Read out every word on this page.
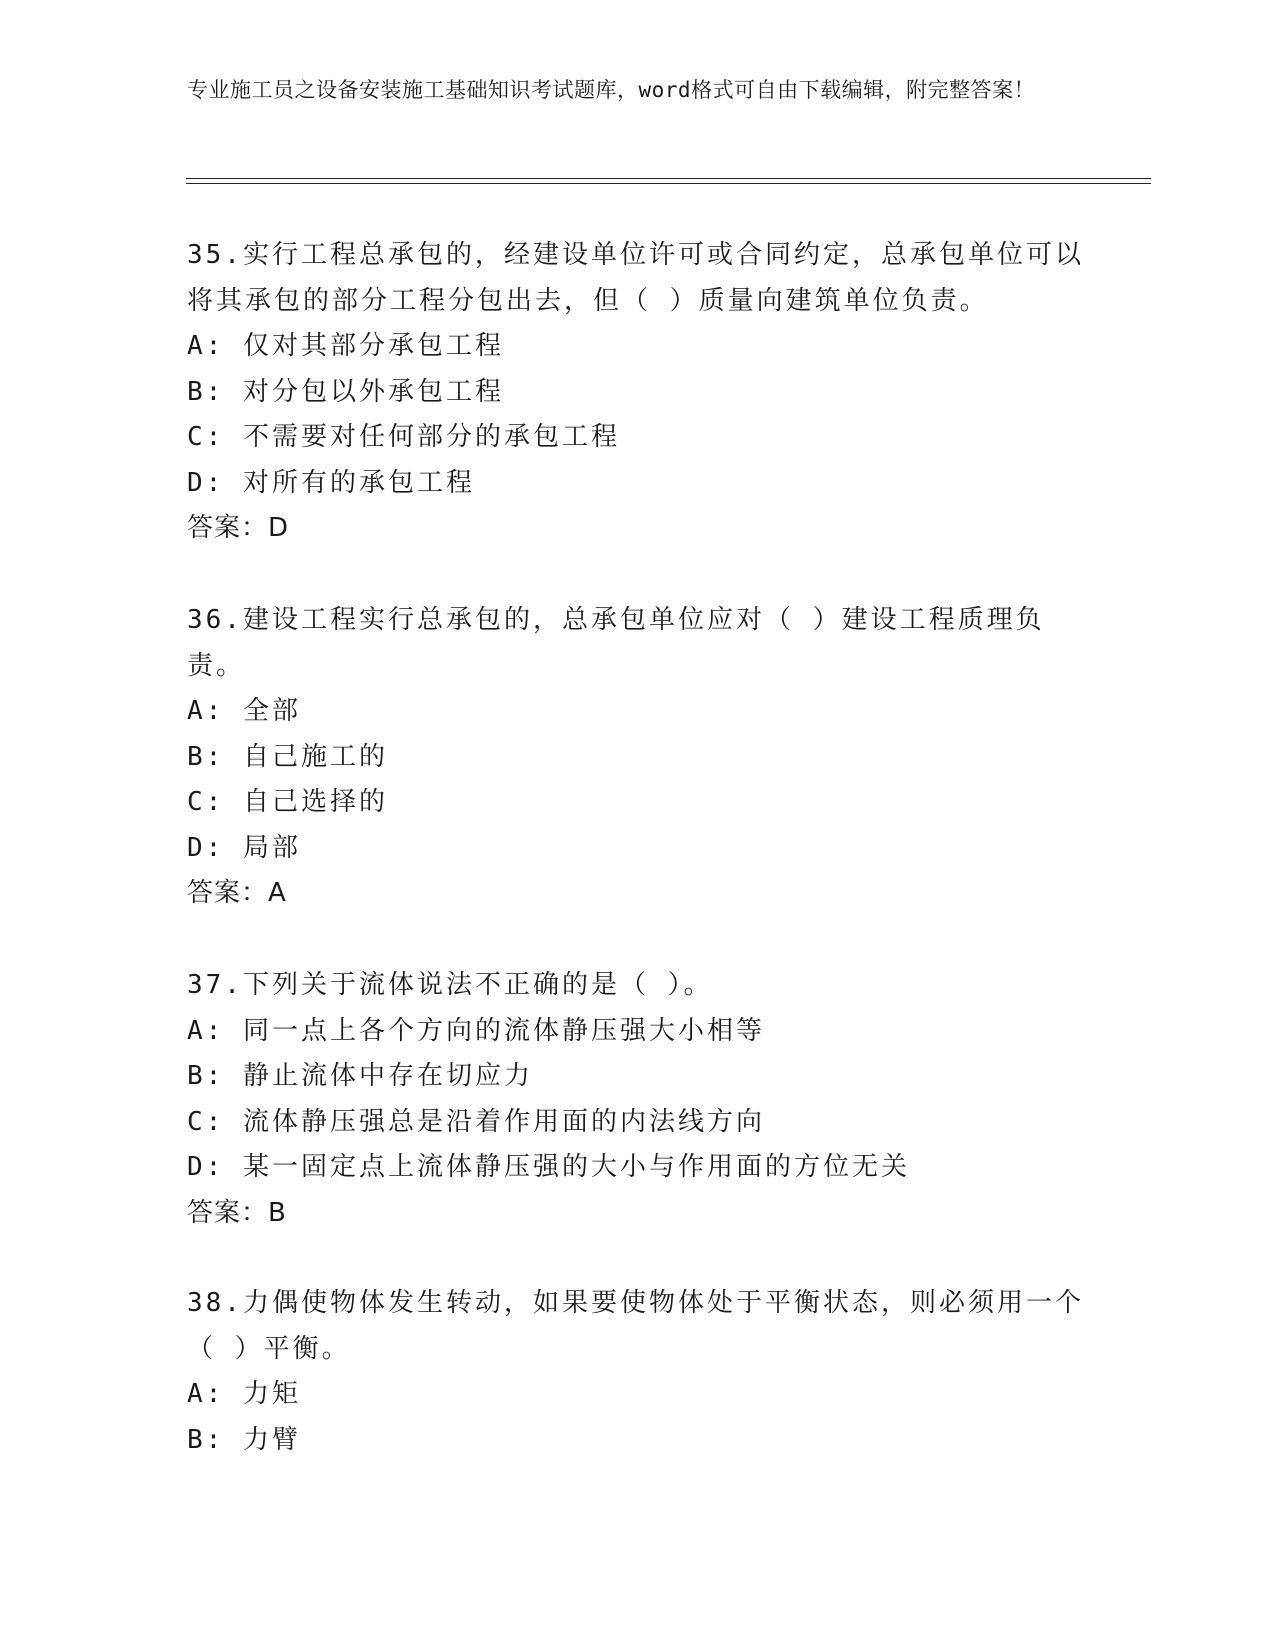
专业施工员之设备安装施工基础知识考试题库，word格式可自由下载编辑，附完整答案！
35.实行工程总承包的，经建设单位许可或合同约定，总承包单位可以将其承包的部分工程分包出去，但（ ）质量向建筑单位负责。
A: 仅对其部分承包工程
B: 对分包以外承包工程
C: 不需要对任何部分的承包工程
D: 对所有的承包工程
答案：D
36.建设工程实行总承包的，总承包单位应对（ ）建设工程质理负责。
A: 全部
B: 自己施工的
C: 自己选择的
D: 局部
答案：A
37.下列关于流体说法不正确的是（ ）。
A: 同一点上各个方向的流体静压强大小相等
B: 静止流体中存在切应力
C: 流体静压强总是沿着作用面的内法线方向
D: 某一固定点上流体静压强的大小与作用面的方位无关
答案：B
38.力偶使物体发生转动，如果要使物体处于平衡状态，则必须用一个（ ）平衡。
A: 力矩
B: 力臂
